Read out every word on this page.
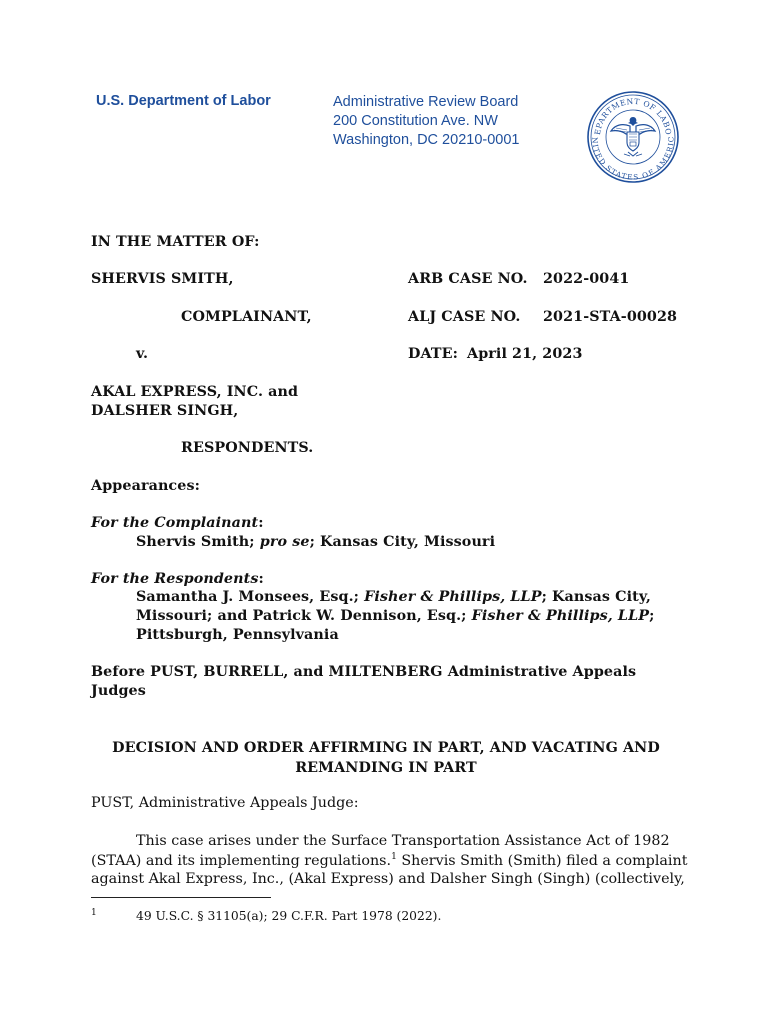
U.S. Department of Labor	Administrative Review Board
200 Constitution Ave. NW
Washington, DC 20210-0001
EPARTMENT OF LABO
NITED STATES OF AMERIC
IN THE MATTER OF:
SHERVIS SMITH,	ARB CASE NO. 2022-0041
COMPLAINANT,	ALJ CASE NO. 2021-STA-00028
v.	DATE: April 21, 2023
AKAL EXPRESS, INC. and
DALSHER SINGH,
RESPONDENTS.
Appearances:
For the Complainant:
Shervis Smith; pro se; Kansas City, Missouri
For the Respondents:
Samantha J. Monsees, Esq.; Fisher & Phillips, LLP; Kansas City,
Missouri; and Patrick W. Dennison, Esq.; Fisher & Phillips, LLP;
Pittsburgh, Pennsylvania
Before PUST, BURRELL, and MILTENBERG Administrative Appeals
Judges
DECISION AND ORDER AFFIRMING IN PART, AND VACATING AND
REMANDING IN PART
PUST, Administrative Appeals Judge:
This case arises under the Surface Transportation Assistance Act of 1982
(STAA) and its implementing regulations.$^1$ Shervis Smith (Smith) filed a complaint
against Akal Express, Inc., (Akal Express) and Dalsher Singh (Singh) (collectively,
1	49 U.S.C. § 31105(a); 29 C.F.R. Part 1978 (2022).
